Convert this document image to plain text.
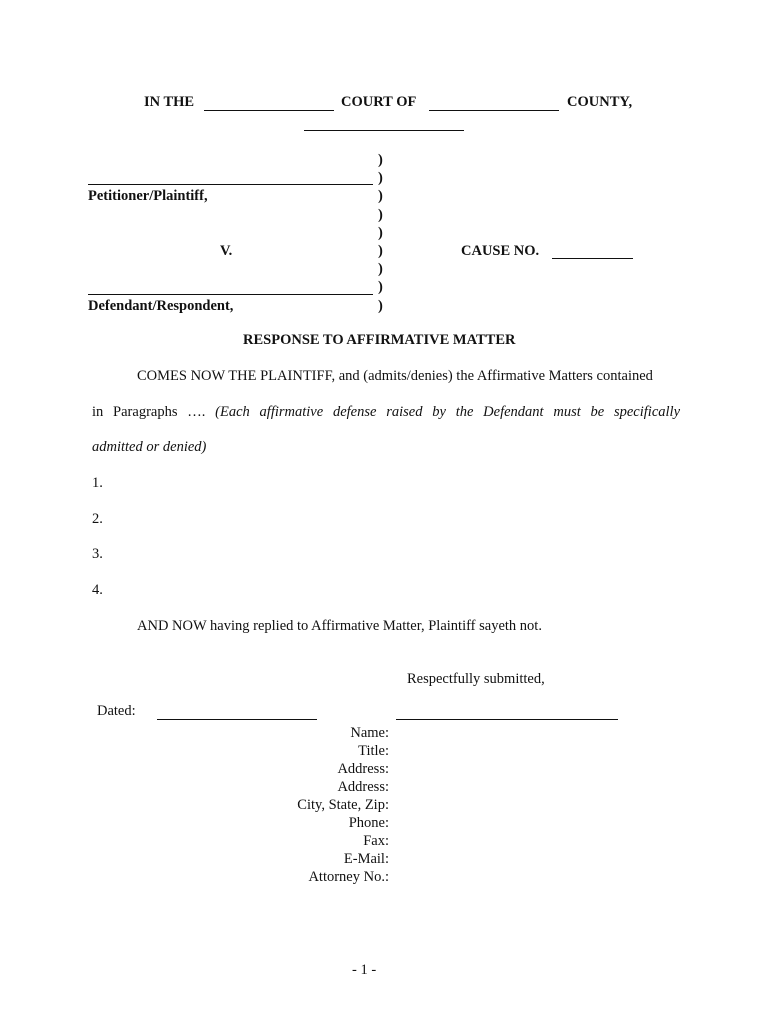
IN THE	COURT OF	COUNTY,
Petitioner/Plaintiff,
V.
Defendant/Respondent,
)
)
)
)
)
)
)
)
)
CAUSE NO.
RESPONSE TO AFFIRMATIVE MATTER
COMES NOW THE PLAINTIFF, and (admits/denies) the Affirmative Matters contained
in Paragraphs …. (Each affirmative defense raised by the Defendant must be specifically
admitted or denied)
1.
2.
3.
4.
AND NOW having replied to Affirmative Matter, Plaintiff sayeth not.
Respectfully submitted,
Dated:
Name:
Title:
Address:
Address:
City, State, Zip:
Phone:
Fax:
E-Mail:
Attorney No.:
- 1 -
